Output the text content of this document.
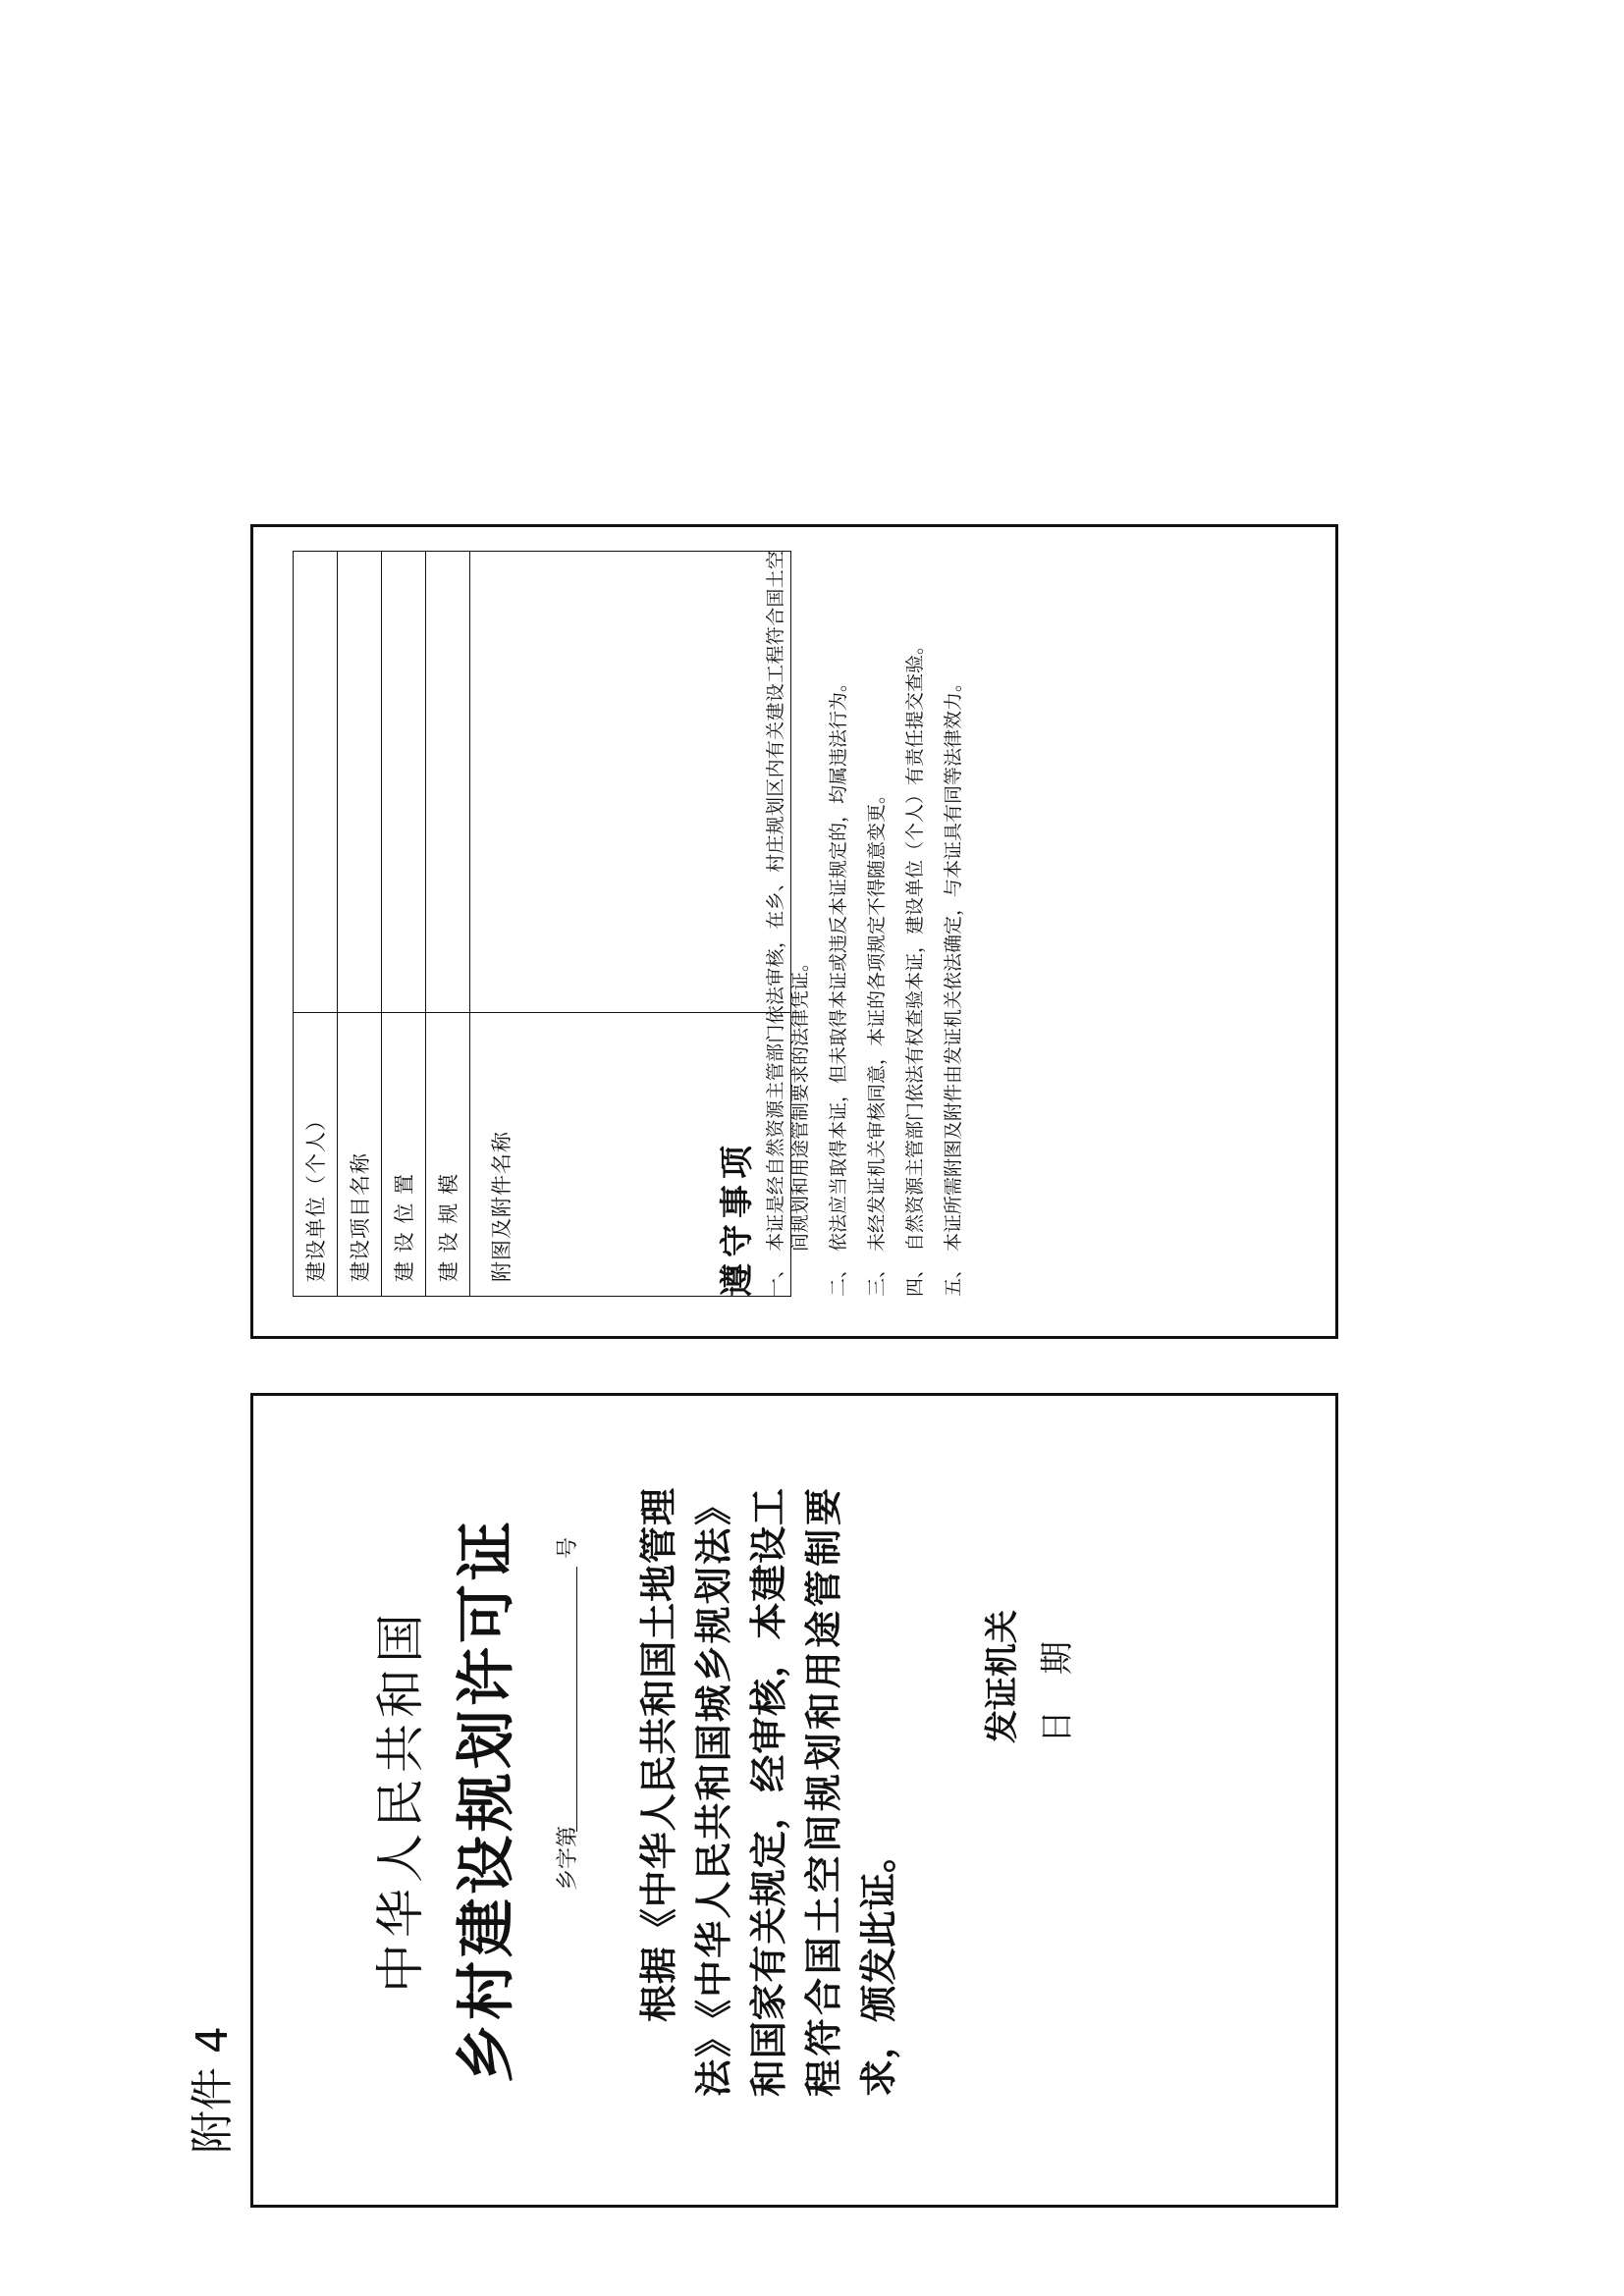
附件 4
中华人民共和国 乡村建设规划许可证 乡字第
号 根据《中华人民共和国土地管理法》《中华人民共和国城乡规划法》和国家有关规定，经审核，本建设工程符合国土空间规划和用途管制要求，颁发此证。
发证机关 日期
建设单位（个人）	
建设项目名称	
建 设 位 置	
建 设 规 模	
附图及附件名称		遵守事项 一、
本证是经自然资源主管部门依法审核，在乡、村庄规划区内有关建设工程符合国土空间规划和用途管制要求的法律凭证。
二、
依法应当取得本证，但未取得本证或违反本证规定的，均属违法行为。
三、
未经发证机关审核同意，本证的各项规定不得随意变更。
四、
自然资源主管部门依法有权查验本证，建设单位（个人）有责任提交查验。
五、
本证所需附图及附件由发证机关依法确定，与本证具有同等法律效力。
